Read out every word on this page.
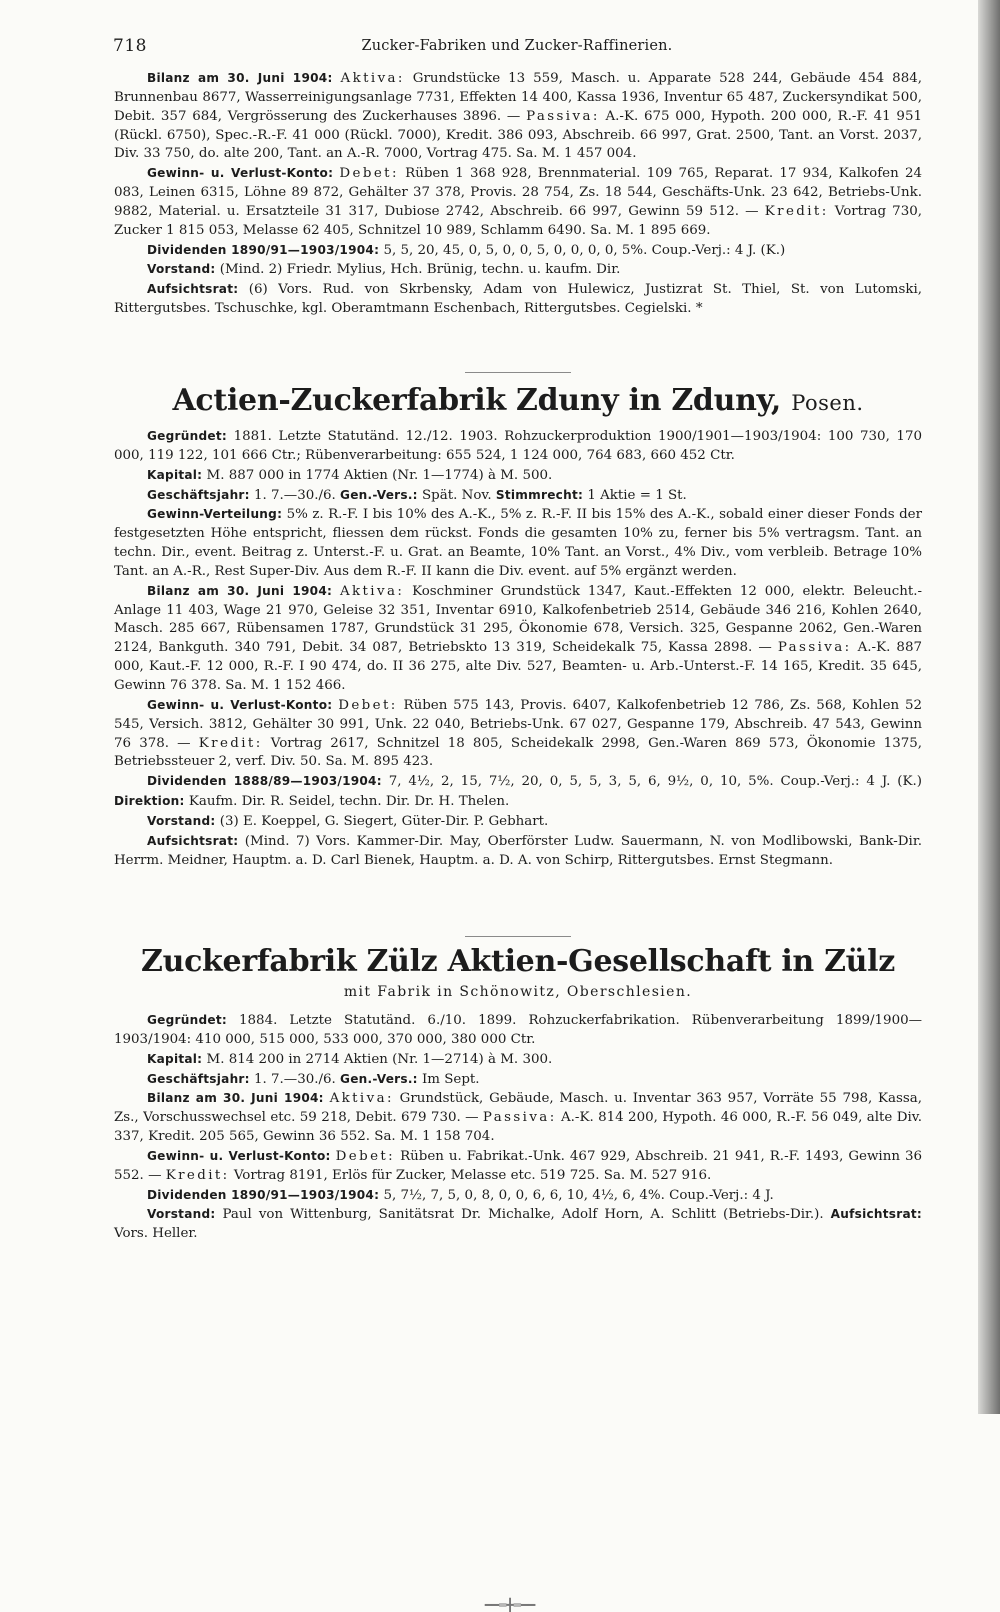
718	Zucker-Fabriken und Zucker-Raffinerien.

Bilanz am 30. Juni 1904: Aktiva: Grundstücke 13 559, Masch. u. Apparate 528 244, Gebäude 454 884, Brunnenbau 8677, Wasserreinigungsanlage 7731, Effekten 14 400, Kassa 1936, Inventur 65 487, Zuckersyndikat 500, Debit. 357 684, Vergrösserung des Zuckerhauses 3896. — Passiva: A.-K. 675 000, Hypoth. 200 000, R.-F. 41 951 (Rückl. 6750), Spec.-R.-F. 41 000 (Rückl. 7000), Kredit. 386 093, Abschreib. 66 997, Grat. 2500, Tant. an Vorst. 2037, Div. 33 750, do. alte 200, Tant. an A.-R. 7000, Vortrag 475. Sa. M. 1 457 004.

Gewinn- u. Verlust-Konto: Debet: Rüben 1 368 928, Brennmaterial. 109 765, Reparat. 17 934, Kalkofen 24 083, Leinen 6315, Löhne 89 872, Gehälter 37 378, Provis. 28 754, Zs. 18 544, Geschäfts-Unk. 23 642, Betriebs-Unk. 9882, Material. u. Ersatzteile 31 317, Dubiose 2742, Abschreib. 66 997, Gewinn 59 512. — Kredit: Vortrag 730, Zucker 1 815 053, Melasse 62 405, Schnitzel 10 989, Schlamm 6490. Sa. M. 1 895 669.

Dividenden 1890/91—1903/1904: 5, 5, 20, 45, 0, 5, 0, 0, 5, 0, 0, 0, 0, 5%. Coup.-Verj.: 4 J. (K.)

Vorstand: (Mind. 2) Friedr. Mylius, Hch. Brünig, techn. u. kaufm. Dir.

Aufsichtsrat: (6) Vors. Rud. von Skrbensky, Adam von Hulewicz, Justizrat St. Thiel, St. von Lutomski, Rittergutsbes. Tschuschke, kgl. Oberamtmann Eschenbach, Rittergutsbes. Cegielski. *

Actien-Zuckerfabrik Zduny in Zduny, Posen.

Gegründet: 1881. Letzte Statutänd. 12./12. 1903. Rohzuckerproduktion 1900/1901—1903/1904: 100 730, 170 000, 119 122, 101 666 Ctr.; Rübenverarbeitung: 655 524, 1 124 000, 764 683, 660 452 Ctr.

Kapital: M. 887 000 in 1774 Aktien (Nr. 1—1774) à M. 500.

Geschäftsjahr: 1. 7.—30./6. Gen.-Vers.: Spät. Nov. Stimmrecht: 1 Aktie = 1 St.

Gewinn-Verteilung: 5% z. R.-F. I bis 10% des A.-K., 5% z. R.-F. II bis 15% des A.-K., sobald einer dieser Fonds der festgesetzten Höhe entspricht, fliessen dem rückst. Fonds die gesamten 10% zu, ferner bis 5% vertragsm. Tant. an techn. Dir., event. Beitrag z. Unterst.-F. u. Grat. an Beamte, 10% Tant. an Vorst., 4% Div., vom verbleib. Betrage 10% Tant. an A.-R., Rest Super-Div. Aus dem R.-F. II kann die Div. event. auf 5% ergänzt werden.

Bilanz am 30. Juni 1904: Aktiva: Koschminer Grundstück 1347, Kaut.-Effekten 12 000, elektr. Beleucht.-Anlage 11 403, Wage 21 970, Geleise 32 351, Inventar 6910, Kalkofenbetrieb 2514, Gebäude 346 216, Kohlen 2640, Masch. 285 667, Rübensamen 1787, Grundstück 31 295, Ökonomie 678, Versich. 325, Gespanne 2062, Gen.-Waren 2124, Bankguth. 340 791, Debit. 34 087, Betriebskto 13 319, Scheidekalk 75, Kassa 2898. — Passiva: A.-K. 887 000, Kaut.-F. 12 000, R.-F. I 90 474, do. II 36 275, alte Div. 527, Beamten- u. Arb.-Unterst.-F. 14 165, Kredit. 35 645, Gewinn 76 378. Sa. M. 1 152 466.

Gewinn- u. Verlust-Konto: Debet: Rüben 575 143, Provis. 6407, Kalkofenbetrieb 12 786, Zs. 568, Kohlen 52 545, Versich. 3812, Gehälter 30 991, Unk. 22 040, Betriebs-Unk. 67 027, Gespanne 179, Abschreib. 47 543, Gewinn 76 378. — Kredit: Vortrag 2617, Schnitzel 18 805, Scheidekalk 2998, Gen.-Waren 869 573, Ökonomie 1375, Betriebssteuer 2, verf. Div. 50. Sa. M. 895 423.

Dividenden 1888/89—1903/1904: 7, 4½, 2, 15, 7½, 20, 0, 5, 5, 3, 5, 6, 9½, 0, 10, 5%. Coup.-Verj.: 4 J. (K.) Direktion: Kaufm. Dir. R. Seidel, techn. Dir. Dr. H. Thelen.

Vorstand: (3) E. Koeppel, G. Siegert, Güter-Dir. P. Gebhart.

Aufsichtsrat: (Mind. 7) Vors. Kammer-Dir. May, Oberförster Ludw. Sauermann, N. von Modlibowski, Bank-Dir. Herrm. Meidner, Hauptm. a. D. Carl Bienek, Hauptm. a. D. A. von Schirp, Rittergutsbes. Ernst Stegmann.

Zuckerfabrik Zülz Aktien-Gesellschaft in Zülz
mit Fabrik in Schönowitz, Oberschlesien.

Gegründet: 1884. Letzte Statutänd. 6./10. 1899. Rohzuckerfabrikation. Rübenverarbeitung 1899/1900—1903/1904: 410 000, 515 000, 533 000, 370 000, 380 000 Ctr.

Kapital: M. 814 200 in 2714 Aktien (Nr. 1—2714) à M. 300.

Geschäftsjahr: 1. 7.—30./6. Gen.-Vers.: Im Sept.

Bilanz am 30. Juni 1904: Aktiva: Grundstück, Gebäude, Masch. u. Inventar 363 957, Vorräte 55 798, Kassa, Zs., Vorschusswechsel etc. 59 218, Debit. 679 730. — Passiva: A.-K. 814 200, Hypoth. 46 000, R.-F. 56 049, alte Div. 337, Kredit. 205 565, Gewinn 36 552. Sa. M. 1 158 704.

Gewinn- u. Verlust-Konto: Debet: Rüben u. Fabrikat.-Unk. 467 929, Abschreib. 21 941, R.-F. 1493, Gewinn 36 552. — Kredit: Vortrag 8191, Erlös für Zucker, Melasse etc. 519 725. Sa. M. 527 916.

Dividenden 1890/91—1903/1904: 5, 7½, 7, 5, 0, 8, 0, 0, 6, 6, 10, 4½, 6, 4%. Coup.-Verj.: 4 J.

Vorstand: Paul von Wittenburg, Sanitätsrat Dr. Michalke, Adolf Horn, A. Schlitt (Betriebs-Dir.). Aufsichtsrat: Vors. Heller.

━━═╋═━━
